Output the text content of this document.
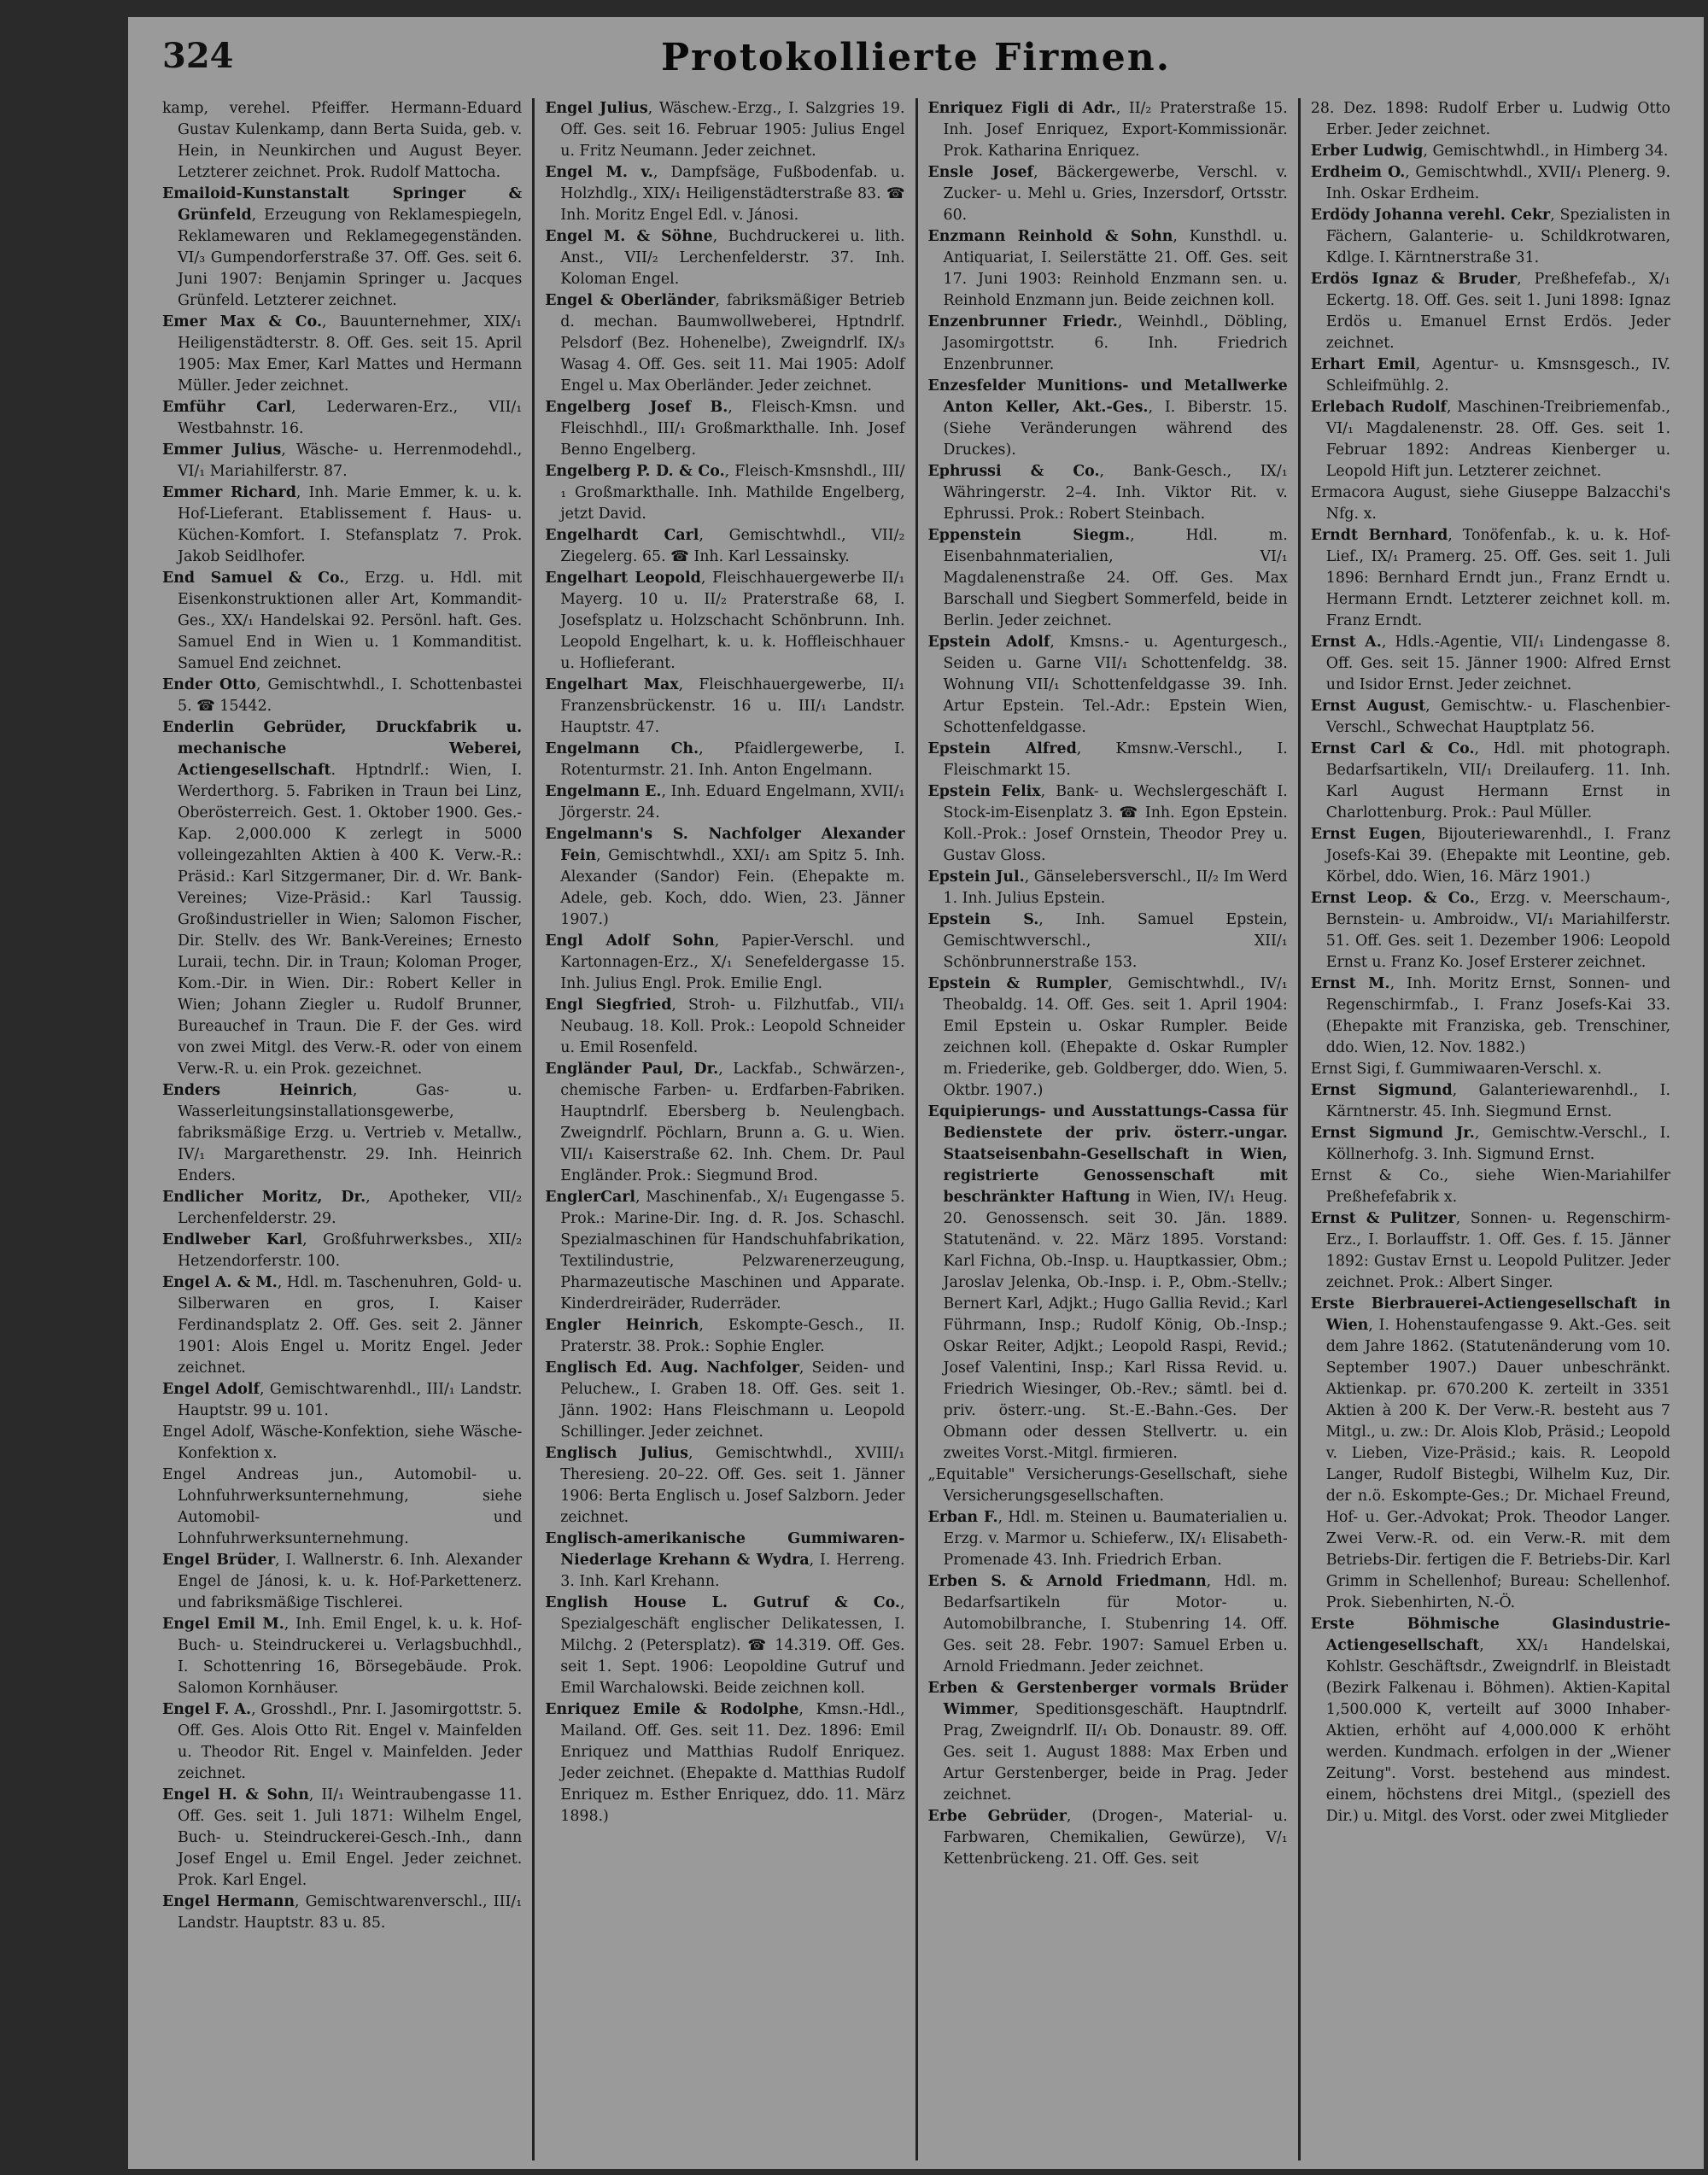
324	Protokollierte Firmen.

kamp, verehel. Pfeiffer. Hermann-Eduard Gustav Kulenkamp, dann Berta Suida, geb. v. Hein, in Neunkirchen und August Beyer. Letzterer zeichnet. Prok. Rudolf Mattocha.

Emailoid-Kunstanstalt Springer & Grünfeld, Erzeugung von Reklamespiegeln, Reklamewaren und Reklamegegenständen. VI/₃ Gumpendorferstraße 37. Off. Ges. seit 6. Juni 1907: Benjamin Springer u. Jacques Grünfeld. Letzterer zeichnet.

Emer Max & Co., Bauunternehmer, XIX/₁ Heiligenstädterstr. 8. Off. Ges. seit 15. April 1905: Max Emer, Karl Mattes und Hermann Müller. Jeder zeichnet.

Emführ Carl, Lederwaren-Erz., VII/₁ Westbahnstr. 16.

Emmer Julius, Wäsche- u. Herrenmodehdl., VI/₁ Mariahilferstr. 87.

Emmer Richard, Inh. Marie Emmer, k. u. k. Hof-Lieferant. Etablissement f. Haus- u. Küchen-Komfort. I. Stefansplatz 7. Prok. Jakob Seidlhofer.

End Samuel & Co., Erzg. u. Hdl. mit Eisenkonstruktionen aller Art, Kommandit-Ges., XX/₁ Handelskai 92. Persönl. haft. Ges. Samuel End in Wien u. 1 Kommanditist. Samuel End zeichnet.

Ender Otto, Gemischtwhdl., I. Schottenbastei 5. ☎ 15442.

Enderlin Gebrüder, Druckfabrik u. mechanische Weberei, Actiengesellschaft. Hptndrlf.: Wien, I. Werderthorg. 5. Fabriken in Traun bei Linz, Oberösterreich. Gest. 1. Oktober 1900. Ges.-Kap. 2,000.000 K zerlegt in 5000 volleingezahlten Aktien à 400 K. Verw.-R.: Präsid.: Karl Sitzgermaner, Dir. d. Wr. Bank-Vereines; Vize-Präsid.: Karl Taussig. Großindustrieller in Wien; Salomon Fischer, Dir. Stellv. des Wr. Bank-Vereines; Ernesto Luraii, techn. Dir. in Traun; Koloman Proger, Kom.-Dir. in Wien. Dir.: Robert Keller in Wien; Johann Ziegler u. Rudolf Brunner, Bureauchef in Traun. Die F. der Ges. wird von zwei Mitgl. des Verw.-R. oder von einem Verw.-R. u. ein Prok. gezeichnet.

Enders Heinrich, Gas- u. Wasserleitungsinstallationsgewerbe, fabriksmäßige Erzg. u. Vertrieb v. Metallw., IV/₁ Margarethenstr. 29. Inh. Heinrich Enders.

Endlicher Moritz, Dr., Apotheker, VII/₂ Lerchenfelderstr. 29.

Endlweber Karl, Großfuhrwerksbes., XII/₂ Hetzendorferstr. 100.

Engel A. & M., Hdl. m. Taschenuhren, Gold- u. Silberwaren en gros, I. Kaiser Ferdinandsplatz 2. Off. Ges. seit 2. Jänner 1901: Alois Engel u. Moritz Engel. Jeder zeichnet.

Engel Adolf, Gemischtwarenhdl., III/₁ Landstr. Hauptstr. 99 u. 101.

Engel Adolf, Wäsche-Konfektion, siehe Wäsche-Konfektion x.

Engel Andreas jun., Automobil- u. Lohnfuhrwerksunternehmung, siehe Automobil- und Lohnfuhrwerksunternehmung.

Engel Brüder, I. Wallnerstr. 6. Inh. Alexander Engel de Jánosi, k. u. k. Hof-Parkettenerz. und fabriksmäßige Tischlerei.

Engel Emil M., Inh. Emil Engel, k. u. k. Hof-Buch- u. Steindruckerei u. Verlagsbuchhdl., I. Schottenring 16, Börsegebäude. Prok. Salomon Kornhäuser.

Engel F. A., Grosshdl., Pnr. I. Jasomirgottstr. 5. Off. Ges. Alois Otto Rit. Engel v. Mainfelden u. Theodor Rit. Engel v. Mainfelden. Jeder zeichnet.

Engel H. & Sohn, II/₁ Weintraubengasse 11. Off. Ges. seit 1. Juli 1871: Wilhelm Engel, Buch- u. Steindruckerei-Gesch.-Inh., dann Josef Engel u. Emil Engel. Jeder zeichnet. Prok. Karl Engel.

Engel Hermann, Gemischtwarenverschl., III/₁ Landstr. Hauptstr. 83 u. 85.

Engel Julius, Wäschew.-Erzg., I. Salzgries 19. Off. Ges. seit 16. Februar 1905: Julius Engel u. Fritz Neumann. Jeder zeichnet.

Engel M. v., Dampfsäge, Fußbodenfab. u. Holzhdlg., XIX/₁ Heiligenstädterstraße 83. ☎ Inh. Moritz Engel Edl. v. Jánosi.

Engel M. & Söhne, Buchdruckerei u. lith. Anst., VII/₂ Lerchenfelderstr. 37. Inh. Koloman Engel.

Engel & Oberländer, fabriksmäßiger Betrieb d. mechan. Baumwollweberei, Hptndrlf. Pelsdorf (Bez. Hohenelbe), Zweigndrlf. IX/₃ Wasag 4. Off. Ges. seit 11. Mai 1905: Adolf Engel u. Max Oberländer. Jeder zeichnet.

Engelberg Josef B., Fleisch-Kmsn. und Fleischhdl., III/₁ Großmarkthalle. Inh. Josef Benno Engelberg.

Engelberg P. D. & Co., Fleisch-Kmsnshdl., III/₁ Großmarkthalle. Inh. Mathilde Engelberg, jetzt David.

Engelhardt Carl, Gemischtwhdl., VII/₂ Ziegelerg. 65. ☎ Inh. Karl Lessainsky.

Engelhart Leopold, Fleischhauergewerbe II/₁ Mayerg. 10 u. II/₂ Praterstraße 68, I. Josefsplatz u. Holzschacht Schönbrunn. Inh. Leopold Engelhart, k. u. k. Hoffleischhauer u. Hoflieferant.

Engelhart Max, Fleischhauergewerbe, II/₁ Franzensbrückenstr. 16 u. III/₁ Landstr. Hauptstr. 47.

Engelmann Ch., Pfaidlergewerbe, I. Rotenturmstr. 21. Inh. Anton Engelmann.

Engelmann E., Inh. Eduard Engelmann, XVII/₁ Jörgerstr. 24.

Engelmann's S. Nachfolger Alexander Fein, Gemischtwhdl., XXI/₁ am Spitz 5. Inh. Alexander (Sandor) Fein. (Ehepakte m. Adele, geb. Koch, ddo. Wien, 23. Jänner 1907.)

Engl Adolf Sohn, Papier-Verschl. und Kartonnagen-Erz., X/₁ Senefeldergasse 15. Inh. Julius Engl. Prok. Emilie Engl.

Engl Siegfried, Stroh- u. Filzhutfab., VII/₁ Neubaug. 18. Koll. Prok.: Leopold Schneider u. Emil Rosenfeld.

Engländer Paul, Dr., Lackfab., Schwärzen-, chemische Farben- u. Erdfarben-Fabriken. Hauptndrlf. Ebersberg b. Neulengbach. Zweigndrlf. Pöchlarn, Brunn a. G. u. Wien. VII/₁ Kaiserstraße 62. Inh. Chem. Dr. Paul Engländer. Prok.: Siegmund Brod.

EnglerCarl, Maschinenfab., X/₁ Eugengasse 5. Prok.: Marine-Dir. Ing. d. R. Jos. Schaschl. Spezialmaschinen für Handschuhfabrikation, Textilindustrie, Pelzwarenerzeugung, Pharmazeutische Maschinen und Apparate. Kinderdreiräder, Ruderräder.

Engler Heinrich, Eskompte-Gesch., II. Praterstr. 38. Prok.: Sophie Engler.

Englisch Ed. Aug. Nachfolger, Seiden- und Peluchew., I. Graben 18. Off. Ges. seit 1. Jänn. 1902: Hans Fleischmann u. Leopold Schillinger. Jeder zeichnet.

Englisch Julius, Gemischtwhdl., XVIII/₁ Theresieng. 20–22. Off. Ges. seit 1. Jänner 1906: Berta Englisch u. Josef Salzborn. Jeder zeichnet.

Englisch-amerikanische Gummiwaren-Niederlage Krehann & Wydra, I. Herreng. 3. Inh. Karl Krehann.

English House L. Gutruf & Co., Spezialgeschäft englischer Delikatessen, I. Milchg. 2 (Petersplatz). ☎ 14.319. Off. Ges. seit 1. Sept. 1906: Leopoldine Gutruf und Emil Warchalowski. Beide zeichnen koll.

Enriquez Emile & Rodolphe, Kmsn.-Hdl., Mailand. Off. Ges. seit 11. Dez. 1896: Emil Enriquez und Matthias Rudolf Enriquez. Jeder zeichnet. (Ehepakte d. Matthias Rudolf Enriquez m. Esther Enriquez, ddo. 11. März 1898.)

Enriquez Figli di Adr., II/₂ Praterstraße 15. Inh. Josef Enriquez, Export-Kommissionär. Prok. Katharina Enriquez.

Ensle Josef, Bäckergewerbe, Verschl. v. Zucker- u. Mehl u. Gries, Inzersdorf, Ortsstr. 60.

Enzmann Reinhold & Sohn, Kunsthdl. u. Antiquariat, I. Seilerstätte 21. Off. Ges. seit 17. Juni 1903: Reinhold Enzmann sen. u. Reinhold Enzmann jun. Beide zeichnen koll.

Enzenbrunner Friedr., Weinhdl., Döbling, Jasomirgottstr. 6. Inh. Friedrich Enzenbrunner.

Enzesfelder Munitions- und Metallwerke Anton Keller, Akt.-Ges., I. Biberstr. 15. (Siehe Veränderungen während des Druckes).

Ephrussi & Co., Bank-Gesch., IX/₁ Währingerstr. 2–4. Inh. Viktor Rit. v. Ephrussi. Prok.: Robert Steinbach.

Eppenstein Siegm., Hdl. m. Eisenbahnmaterialien, VI/₁ Magdalenenstraße 24. Off. Ges. Max Barschall und Siegbert Sommerfeld, beide in Berlin. Jeder zeichnet.

Epstein Adolf, Kmsns.- u. Agenturgesch., Seiden u. Garne VII/₁ Schottenfeldg. 38. Wohnung VII/₁ Schottenfeldgasse 39. Inh. Artur Epstein. Tel.-Adr.: Epstein Wien, Schottenfeldgasse.

Epstein Alfred, Kmsnw.-Verschl., I. Fleischmarkt 15.

Epstein Felix, Bank- u. Wechslergeschäft I. Stock-im-Eisenplatz 3. ☎ Inh. Egon Epstein. Koll.-Prok.: Josef Ornstein, Theodor Prey u. Gustav Gloss.

Epstein Jul., Gänselebersverschl., II/₂ Im Werd 1. Inh. Julius Epstein.

Epstein S., Inh. Samuel Epstein, Gemischtwverschl., XII/₁ Schönbrunnerstraße 153.

Epstein & Rumpler, Gemischtwhdl., IV/₁ Theobaldg. 14. Off. Ges. seit 1. April 1904: Emil Epstein u. Oskar Rumpler. Beide zeichnen koll. (Ehepakte d. Oskar Rumpler m. Friederike, geb. Goldberger, ddo. Wien, 5. Oktbr. 1907.)

Equipierungs- und Ausstattungs-Cassa für Bedienstete der priv. österr.-ungar. Staatseisenbahn-Gesellschaft in Wien, registrierte Genossenschaft mit beschränkter Haftung in Wien, IV/₁ Heug. 20. Genossensch. seit 30. Jän. 1889. Statutenänd. v. 22. März 1895. Vorstand: Karl Fichna, Ob.-Insp. u. Hauptkassier, Obm.; Jaroslav Jelenka, Ob.-Insp. i. P., Obm.-Stellv.; Bernert Karl, Adjkt.; Hugo Gallia Revid.; Karl Führmann, Insp.; Rudolf König, Ob.-Insp.; Oskar Reiter, Adjkt.; Leopold Raspi, Revid.; Josef Valentini, Insp.; Karl Rissa Revid. u. Friedrich Wiesinger, Ob.-Rev.; sämtl. bei d. priv. österr.-ung. St.-E.-Bahn.-Ges. Der Obmann oder dessen Stellvertr. u. ein zweites Vorst.-Mitgl. firmieren.

„Equitable" Versicherungs-Gesellschaft, siehe Versicherungsgesellschaften.

Erban F., Hdl. m. Steinen u. Baumaterialien u. Erzg. v. Marmor u. Schieferw., IX/₁ Elisabeth-Promenade 43. Inh. Friedrich Erban.

Erben S. & Arnold Friedmann, Hdl. m. Bedarfsartikeln für Motor- u. Automobilbranche, I. Stubenring 14. Off. Ges. seit 28. Febr. 1907: Samuel Erben u. Arnold Friedmann. Jeder zeichnet.

Erben & Gerstenberger vormals Brüder Wimmer, Speditionsgeschäft. Hauptndrlf. Prag, Zweigndrlf. II/₁ Ob. Donaustr. 89. Off. Ges. seit 1. August 1888: Max Erben und Artur Gerstenberger, beide in Prag. Jeder zeichnet.

Erbe Gebrüder, (Drogen-, Material- u. Farbwaren, Chemikalien, Gewürze), V/₁ Kettenbrückeng. 21. Off. Ges. seit

28. Dez. 1898: Rudolf Erber u. Ludwig Otto Erber. Jeder zeichnet.

Erber Ludwig, Gemischtwhdl., in Himberg 34.

Erdheim O., Gemischtwhdl., XVII/₁ Plenerg. 9. Inh. Oskar Erdheim.

Erdödy Johanna verehl. Cekr, Spezialisten in Fächern, Galanterie- u. Schildkrotwaren, Kdlge. I. Kärntnerstraße 31.

Erdös Ignaz & Bruder, Preßhefefab., X/₁ Eckertg. 18. Off. Ges. seit 1. Juni 1898: Ignaz Erdös u. Emanuel Ernst Erdös. Jeder zeichnet.

Erhart Emil, Agentur- u. Kmsnsgesch., IV. Schleifmühlg. 2.

Erlebach Rudolf, Maschinen-Treibriemenfab., VI/₁ Magdalenenstr. 28. Off. Ges. seit 1. Februar 1892: Andreas Kienberger u. Leopold Hift jun. Letzterer zeichnet.

Ermacora August, siehe Giuseppe Balzacchi's Nfg. x.

Erndt Bernhard, Tonöfenfab., k. u. k. Hof-Lief., IX/₁ Pramerg. 25. Off. Ges. seit 1. Juli 1896: Bernhard Erndt jun., Franz Erndt u. Hermann Erndt. Letzterer zeichnet koll. m. Franz Erndt.

Ernst A., Hdls.-Agentie, VII/₁ Lindengasse 8. Off. Ges. seit 15. Jänner 1900: Alfred Ernst und Isidor Ernst. Jeder zeichnet.

Ernst August, Gemischtw.- u. Flaschenbier-Verschl., Schwechat Hauptplatz 56.

Ernst Carl & Co., Hdl. mit photograph. Bedarfsartikeln, VII/₁ Dreilauferg. 11. Inh. Karl August Hermann Ernst in Charlottenburg. Prok.: Paul Müller.

Ernst Eugen, Bijouteriewarenhdl., I. Franz Josefs-Kai 39. (Ehepakte mit Leontine, geb. Körbel, ddo. Wien, 16. März 1901.)

Ernst Leop. & Co., Erzg. v. Meerschaum-, Bernstein- u. Ambroidw., VI/₁ Mariahilferstr. 51. Off. Ges. seit 1. Dezember 1906: Leopold Ernst u. Franz Ko. Josef Ersterer zeichnet.

Ernst M., Inh. Moritz Ernst, Sonnen- und Regenschirmfab., I. Franz Josefs-Kai 33. (Ehepakte mit Franziska, geb. Trenschiner, ddo. Wien, 12. Nov. 1882.)

Ernst Sigi, f. Gummiwaaren-Verschl. x.

Ernst Sigmund, Galanteriewarenhdl., I. Kärntnerstr. 45. Inh. Siegmund Ernst.

Ernst Sigmund Jr., Gemischtw.-Verschl., I. Köllnerhofg. 3. Inh. Sigmund Ernst.

Ernst & Co., siehe Wien-Mariahilfer Preßhefefabrik x.

Ernst & Pulitzer, Sonnen- u. Regenschirm-Erz., I. Borlauffstr. 1. Off. Ges. f. 15. Jänner 1892: Gustav Ernst u. Leopold Pulitzer. Jeder zeichnet. Prok.: Albert Singer.

Erste Bierbrauerei-Actiengesellschaft in Wien, I. Hohenstaufengasse 9. Akt.-Ges. seit dem Jahre 1862. (Statutenänderung vom 10. September 1907.) Dauer unbeschränkt. Aktienkap. pr. 670.200 K. zerteilt in 3351 Aktien à 200 K. Der Verw.-R. besteht aus 7 Mitgl., u. zw.: Dr. Alois Klob, Präsid.; Leopold v. Lieben, Vize-Präsid.; kais. R. Leopold Langer, Rudolf Bistegbi, Wilhelm Kuz, Dir. der n.ö. Eskompte-Ges.; Dr. Michael Freund, Hof- u. Ger.-Advokat; Prok. Theodor Langer. Zwei Verw.-R. od. ein Verw.-R. mit dem Betriebs-Dir. fertigen die F. Betriebs-Dir. Karl Grimm in Schellenhof; Bureau: Schellenhof. Prok. Siebenhirten, N.-Ö.

Erste Böhmische Glasindustrie-Actiengesellschaft, XX/₁ Handelskai, Kohlstr. Geschäftsdr., Zweigndrlf. in Bleistadt (Bezirk Falkenau i. Böhmen). Aktien-Kapital 1,500.000 K, verteilt auf 3000 Inhaber-Aktien, erhöht auf 4,000.000 K erhöht werden. Kundmach. erfolgen in der „Wiener Zeitung". Vorst. bestehend aus mindest. einem, höchstens drei Mitgl., (speziell des Dir.) u. Mitgl. des Vorst. oder zwei Mitglieder
